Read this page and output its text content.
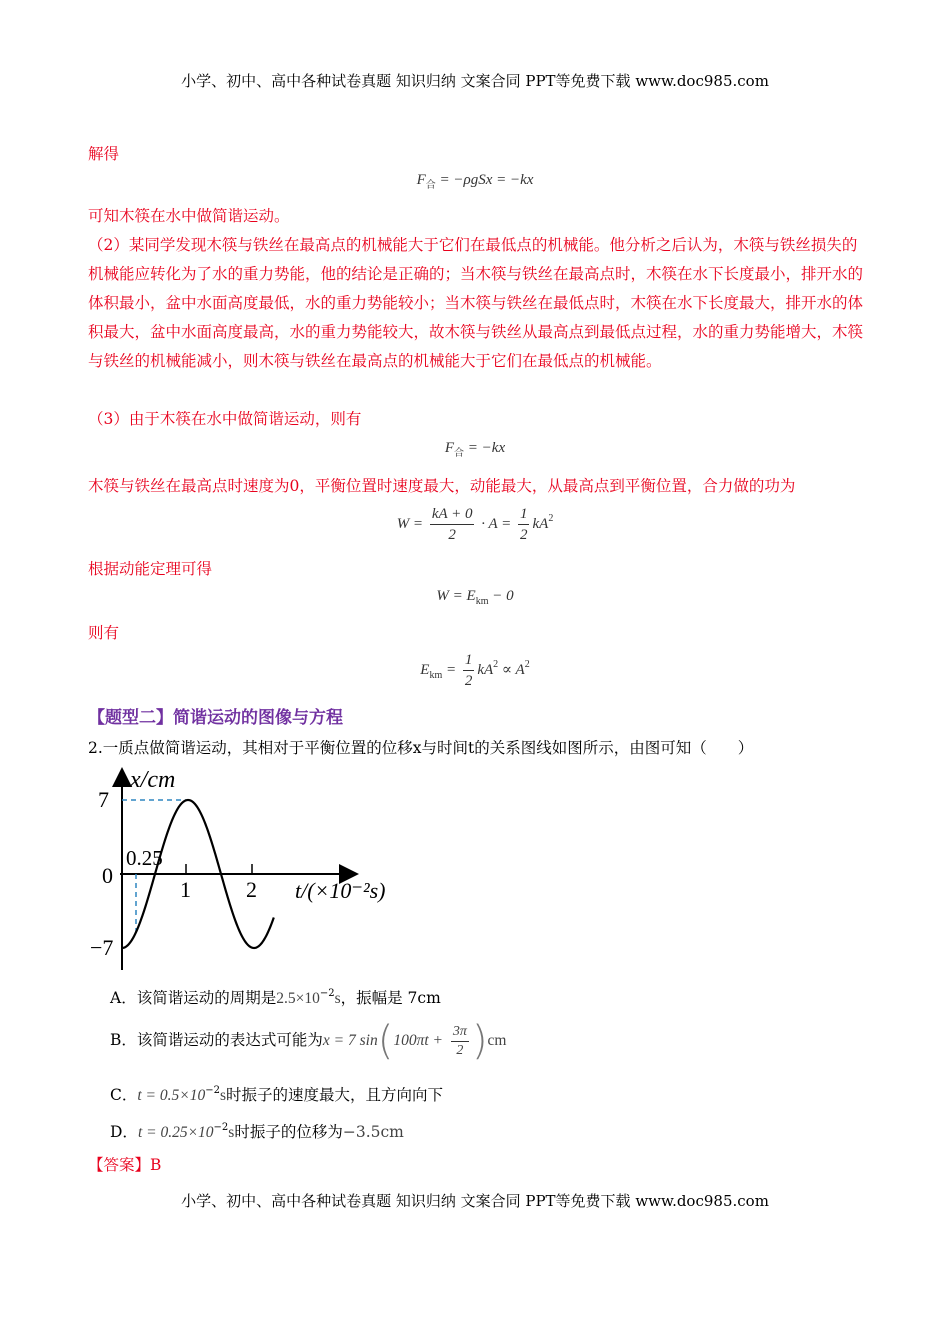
小学、初中、高中各种试卷真题 知识归纳 文案合同 PPT等免费下载 www.doc985.com
解得
$F_合 = -\rho gSx = -kx$
可知木筷在水中做简谐运动。
（2）某同学发现木筷与铁丝在最高点的机械能大于它们在最低点的机械能。他分析之后认为，木筷与铁丝损失的机械能应转化为了水的重力势能，他的结论是正确的；当木筷与铁丝在最高点时，木筷在水下长度最小，排开水的体积最小，盆中水面高度最低，水的重力势能较小；当木筷与铁丝在最低点时，木筷在水下长度最大，排开水的体积最大，盆中水面高度最高，水的重力势能较大，故木筷与铁丝从最高点到最低点过程，水的重力势能增大，木筷与铁丝的机械能减小，则木筷与铁丝在最高点的机械能大于它们在最低点的机械能。
（3）由于木筷在水中做简谐运动，则有
$F_合 = -kx$
木筷与铁丝在最高点时速度为0，平衡位置时速度最大，动能最大，从最高点到平衡位置，合力做的功为
$W = \frac{kA + 0}{2} \cdot A = \frac{1}{2} kA^2$
根据动能定理可得
$W = E_{km} - 0$
则有
$E_{km} = \frac{1}{2} kA^2 \propto A^2$
【题型二】简谐运动的图像与方程
2.一质点做简谐运动，其相对于平衡位置的位移x与时间t的关系图线如图所示，由图可知（　　）
x/cm
7
−7
0
0.25
1	2 t/(×10⁻²s)
A．该简谐运动的周期是$2.5\times 10^{-2}s$，振幅是 7cm
B．该简谐运动的表达式可能为x = 7 $\sin(100\pi t + \frac{3\pi}{2} )cm$
C．$t = 0.5\times 10^{-2}s$时振子的速度最大，且方向向下
D．$t = 0.25\times 10^{-2}s$时振子的位移为−3.5cm
【答案】B
小学、初中、高中各种试卷真题 知识归纳 文案合同 PPT等免费下载 www.doc985.com
